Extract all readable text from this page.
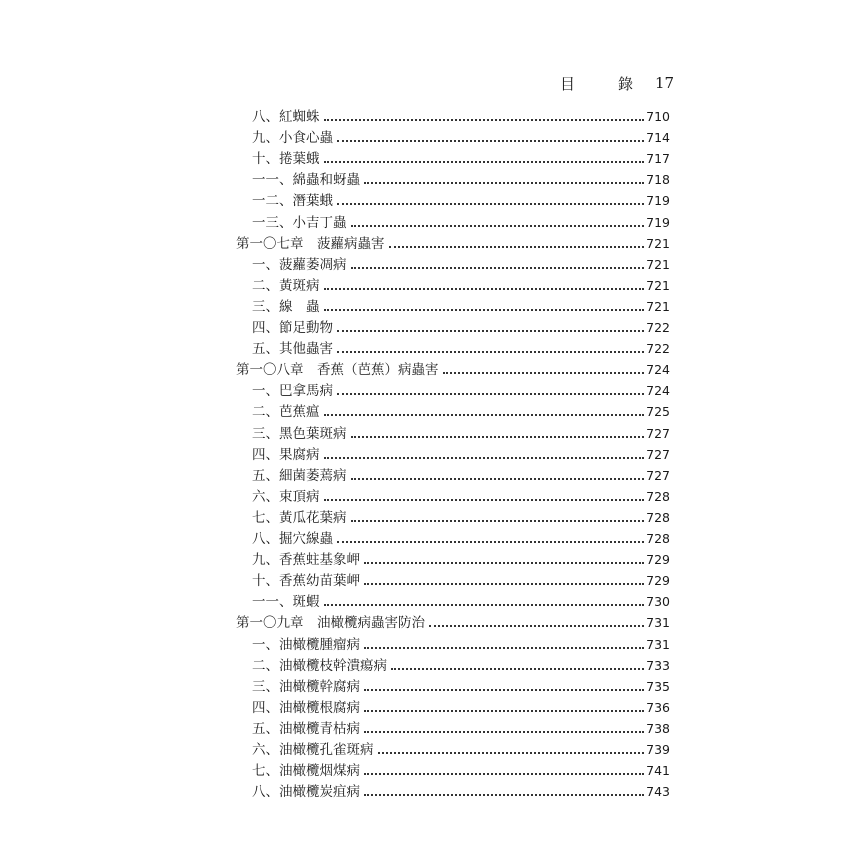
目　錄 17
八、紅蜘蛛	710
九、小食心蟲	714
十、捲葉蛾	717
一一、綿蟲和蚜蟲	718
一二、潛葉蛾	719
一三、小吉丁蟲	719
第一〇七章　菠蘿病蟲害	721
一、菠蘿萎凋病	721
二、黃斑病	721
三、線　蟲	721
四、節足動物	722
五、其他蟲害	722
第一〇八章　香蕉（芭蕉）病蟲害	724
一、巴拿馬病	724
二、芭蕉瘟	725
三、黑色葉斑病	727
四、果腐病	727
五、細菌萎蔫病	727
六、束頂病	728
七、黃瓜花葉病	728
八、掘穴線蟲	728
九、香蕉蛀基象岬	729
十、香蕉幼苗葉岬	729
一一、斑蝦	730
第一〇九章　油橄欖病蟲害防治	731
一、油橄欖腫瘤病	731
二、油橄欖枝幹潰瘍病	733
三、油橄欖幹腐病	735
四、油橄欖根腐病	736
五、油橄欖青枯病	738
六、油橄欖孔雀斑病	739
七、油橄欖烟煤病	741
八、油橄欖炭疽病	743
